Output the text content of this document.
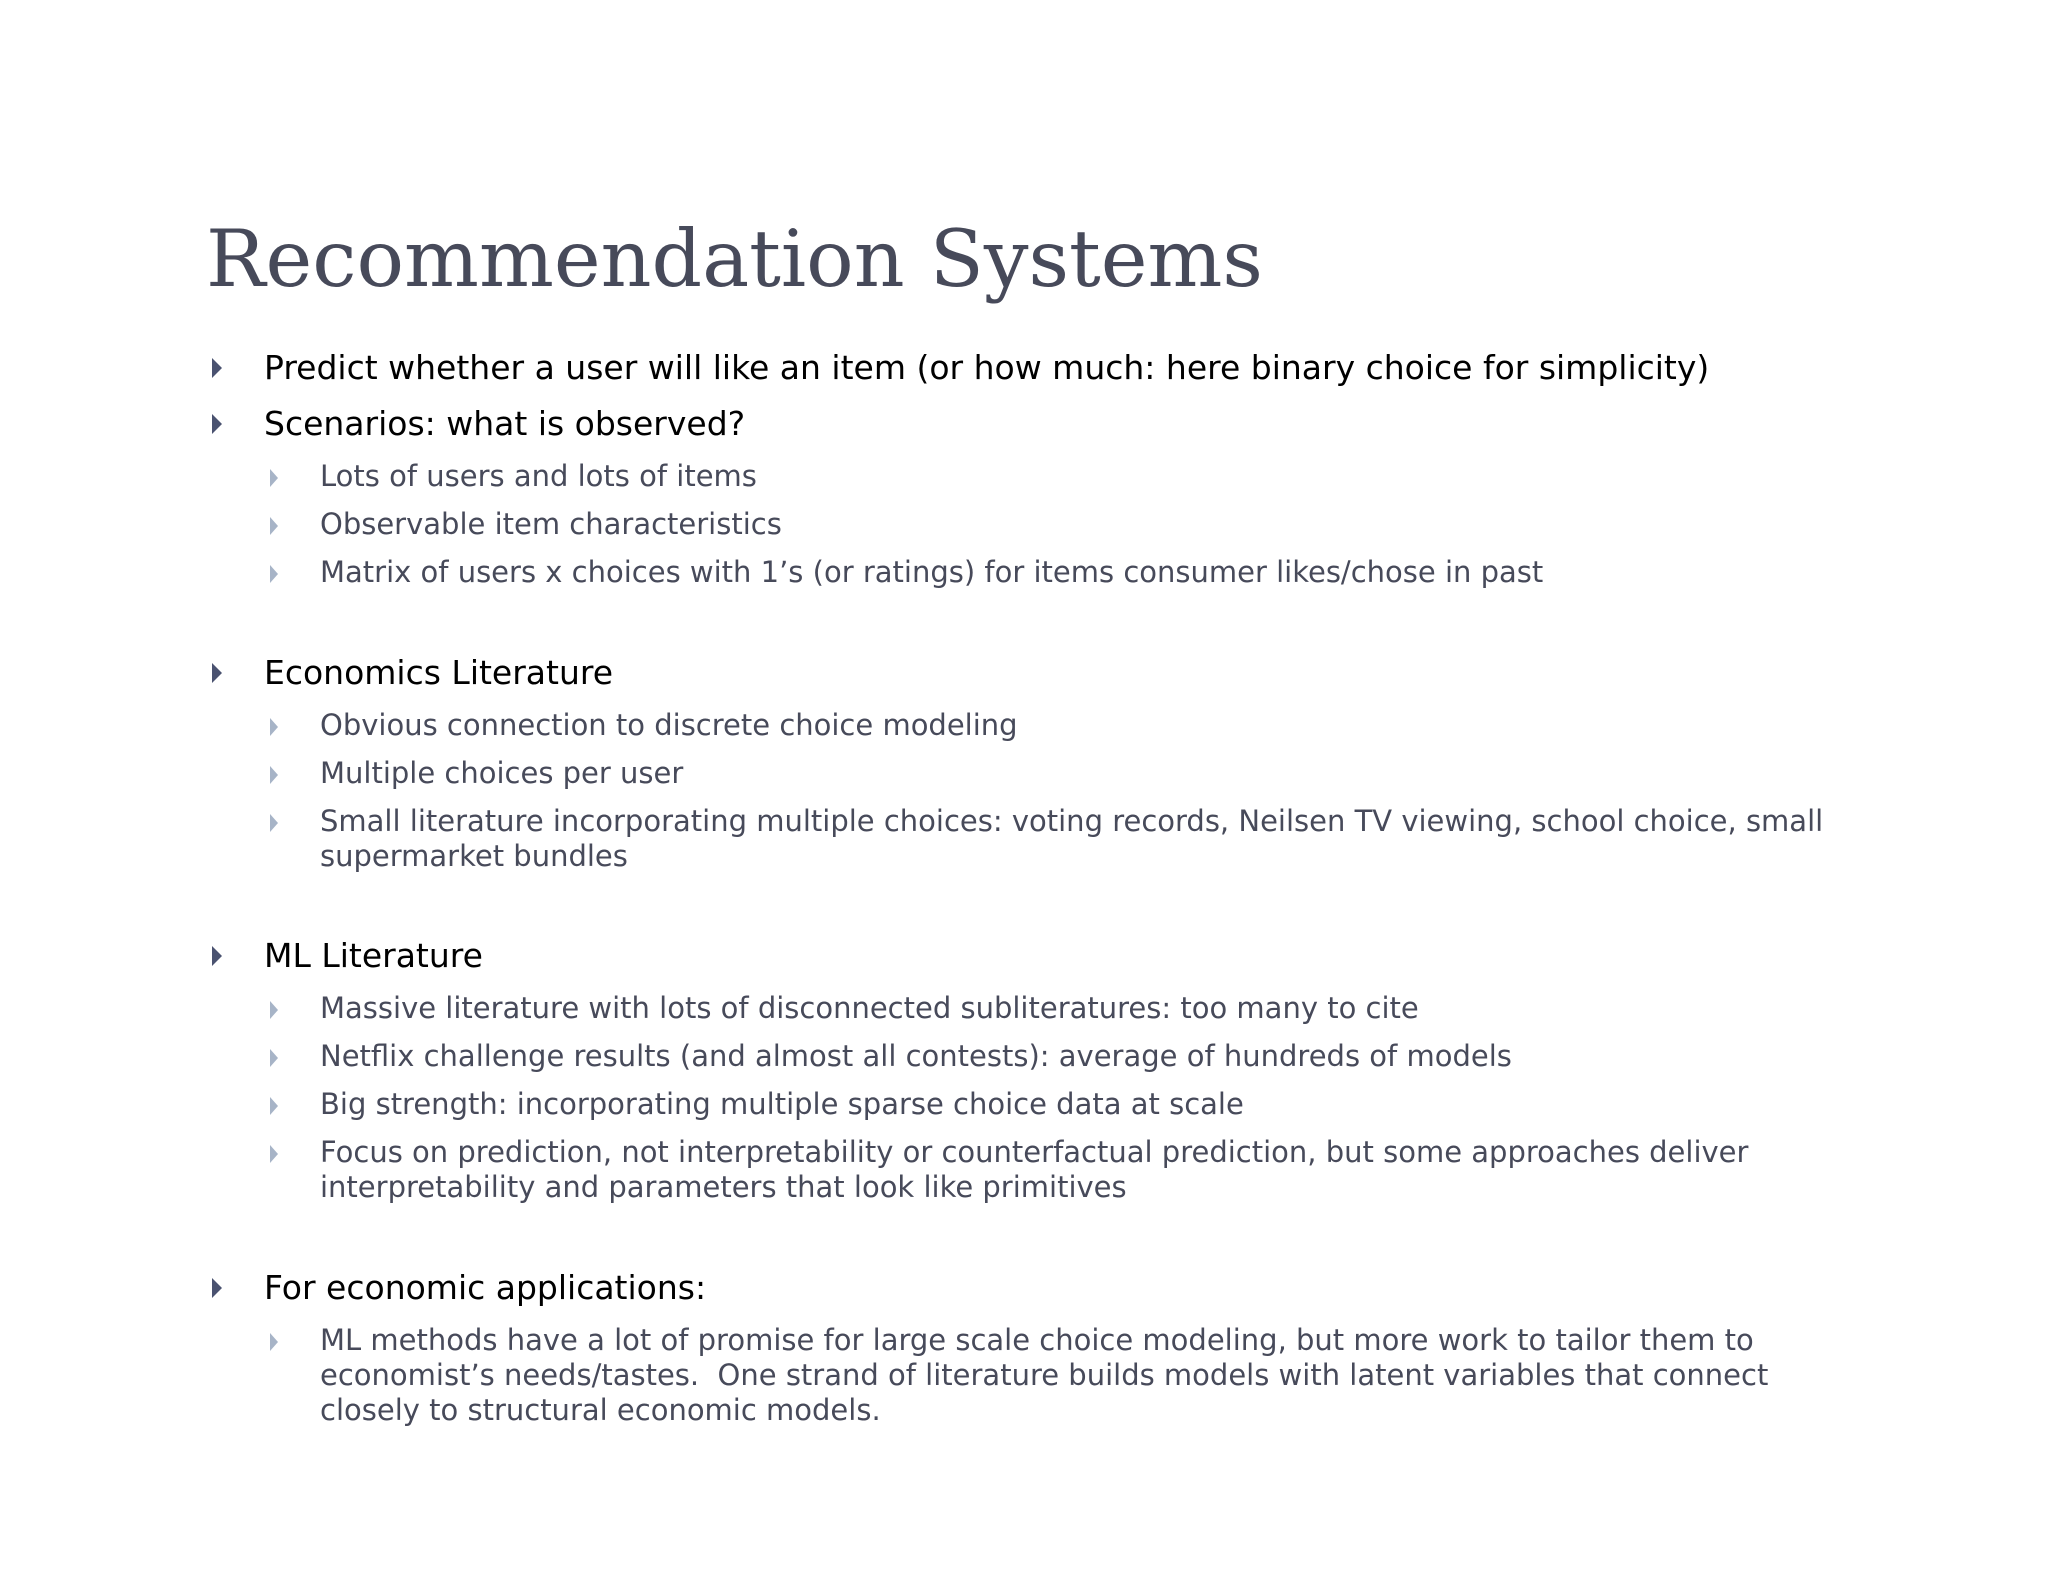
Recommendation Systems
Predict whether a user will like an item (or how much: here binary choice for simplicity)
Scenarios: what is observed?
Lots of users and lots of items
Observable item characteristics
Matrix of users x choices with 1’s (or ratings) for items consumer likes/chose in past
Economics Literature
Obvious connection to discrete choice modeling
Multiple choices per user
Small literature incorporating multiple choices: voting records, Neilsen TV viewing, school choice, small
supermarket bundles
ML Literature
Massive literature with lots of disconnected subliteratures: too many to cite
Netflix challenge results (and almost all contests): average of hundreds of models
Big strength: incorporating multiple sparse choice data at scale
Focus on prediction, not interpretability or counterfactual prediction, but some approaches deliver
interpretability and parameters that look like primitives
For economic applications:
ML methods have a lot of promise for large scale choice modeling, but more work to tailor them to
economist’s needs/tastes.  One strand of literature builds models with latent variables that connect
closely to structural economic models.
